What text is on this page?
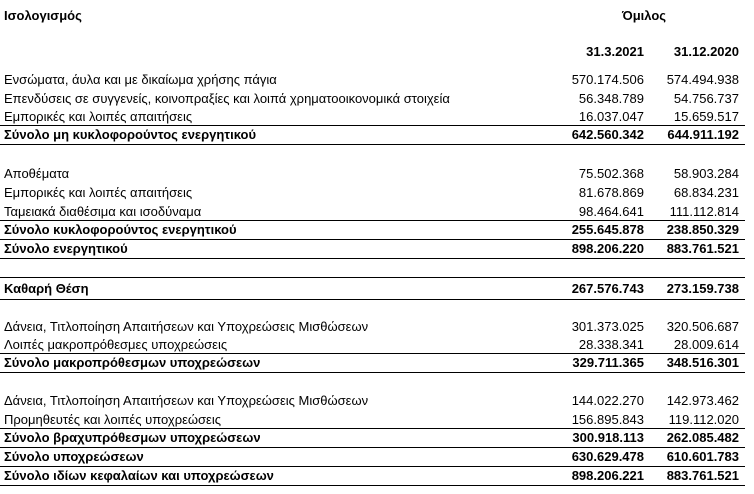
Ισολογισμός	Όμιλος
31.3.2021	31.12.2020
Ενσώματα, άυλα και με δικαίωμα χρήσης πάγια	570.174.506	574.494.938
Επενδύσεις σε συγγενείς, κοινοπραξίες και λοιπά χρηματοοικονομικά στοιχεία	56.348.789	54.756.737
Εμπορικές και λοιπές απαιτήσεις	16.037.047	15.659.517
Σύνολο μη κυκλοφορούντος ενεργητικού	642.560.342	644.911.192
Αποθέματα	75.502.368	58.903.284
Εμπορικές και λοιπές απαιτήσεις	81.678.869	68.834.231
Ταμειακά διαθέσιμα και ισοδύναμα	98.464.641	111.112.814
Σύνολο κυκλοφορούντος ενεργητικού	255.645.878	238.850.329
Σύνολο ενεργητικού	898.206.220	883.761.521
Καθαρή Θέση	267.576.743	273.159.738
Δάνεια, Τιτλοποίηση Απαιτήσεων και Υποχρεώσεις Μισθώσεων	301.373.025	320.506.687
Λοιπές μακροπρόθεσμες υποχρεώσεις	28.338.341	28.009.614
Σύνολο μακροπρόθεσμων υποχρεώσεων	329.711.365	348.516.301
Δάνεια, Τιτλοποίηση Απαιτήσεων και Υποχρεώσεις Μισθώσεων	144.022.270	142.973.462
Προμηθευτές και λοιπές υποχρεώσεις	156.895.843	119.112.020
Σύνολο βραχυπρόθεσμων υποχρεώσεων	300.918.113	262.085.482
Σύνολο υποχρεώσεων	630.629.478	610.601.783
Σύνολο ιδίων κεφαλαίων και υποχρεώσεων	898.206.221	883.761.521
